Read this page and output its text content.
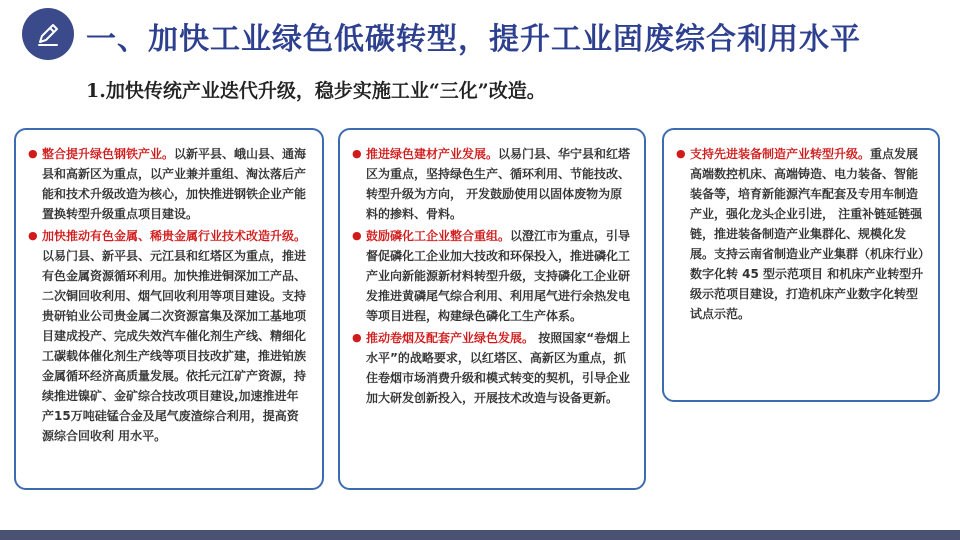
一、加快工业绿色低碳转型，提升工业固废综合利用水平
1.加快传统产业迭代升级，稳步实施工业“三化”改造。

● 整合提升绿色钢铁产业。以新平县、峨山县、通海县和高新区为重点，以产业兼并重组、淘汰落后产能和技术升级改造为核心，加快推进钢铁企业产能置换转型升级重点项目建设。

● 加快推动有色金属、稀贵金属行业技术改造升级。以易门县、新平县、元江县和红塔区为重点，推进有色金属资源循环利用。加快推进铜深加工产品、二次铜回收利用、烟气回收利用等项目建设。支持贵研铂业公司贵金属二次资源富集及深加工基地项目建成投产、完成失效汽车催化剂生产线、精细化工碳载体催化剂生产线等项目技改扩建，推进铂族金属循环经济高质量发展。依托元江矿产资源，持续推进镍矿、金矿综合技改项目建设,加速推进年产15万吨硅锰合金及尾气废渣综合利用，提高资源综合回收利 用水平。

● 推进绿色建材产业发展。以易门县、华宁县和红塔区为重点，坚持绿色生产、循环利用、节能技改、转型升级为方向， 开发鼓励使用以固体废物为原料的掺料、骨料。

● 鼓励磷化工企业整合重组。以澄江市为重点，引导督促磷化工企业加大技改和环保投入，推进磷化工产业向新能源新材料转型升级，支持磷化工企业研发推进黄磷尾气综合利用、利用尾气进行余热发电等项目进程，构建绿色磷化工生产体系。

● 推动卷烟及配套产业绿色发展。 按照国家“卷烟上水平”的战略要求，以红塔区、高新区为重点，抓住卷烟市场消费升级和模式转变的契机，引导企业加大研发创新投入，开展技术改造与设备更新。

● 支持先进装备制造产业转型升级。重点发展高端数控机床、高端铸造、电力装备、智能装备等，培育新能源汽车配套及专用车制造产业，强化龙头企业引进， 注重补链延链强链，推进装备制造产业集群化、规模化发展。支持云南省制造业产业集群（机床行业）数字化转 45 型示范项目 和机床产业转型升级示范项目建设，打造机床产业数字化转型试点示范。
